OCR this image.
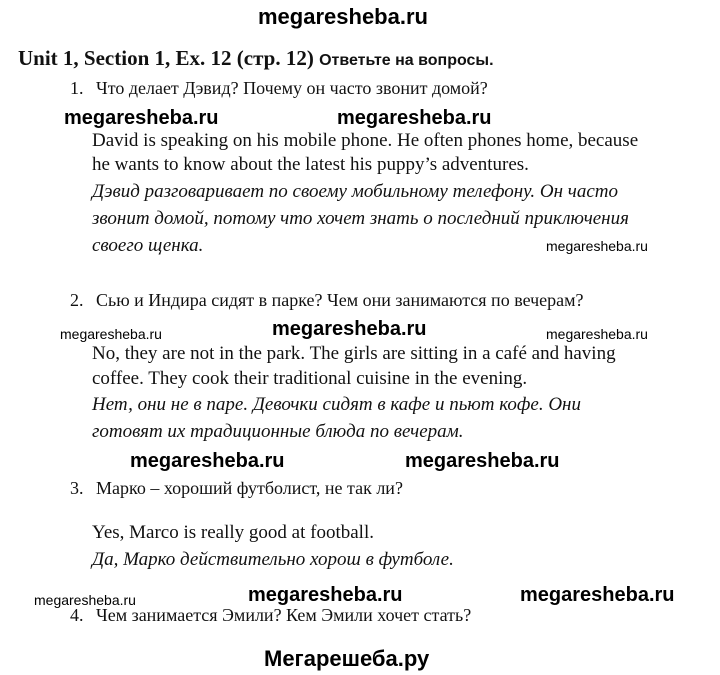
megaresheba.ru
Unit 1, Section 1, Ex. 12 (стр. 12) Ответьте на вопросы.
1. Что делает Дэвид? Почему он часто звонит домой?
megaresheba.ru	megaresheba.ru
David is speaking on his mobile phone. He often phones home, because
he wants to know about the latest his puppy’s adventures.
Дэвид разговаривает по своему мобильному телефону. Он часто
звонит домой, потому что хочет знать о последний приключения
своего щенка.	megaresheba.ru
2. Сью и Индира сидят в парке? Чем они занимаются по вечерам?
megaresheba.ru	megaresheba.ru	megaresheba.ru
No, they are not in the park. The girls are sitting in a café and having
coffee. They cook their traditional cuisine in the evening.
Нет, они не в паре. Девочки сидят в кафе и пьют кофе. Они
готовят их традиционные блюда по вечерам.
megaresheba.ru	megaresheba.ru
3. Марко – хороший футболист, не так ли?
Yes, Marco is really good at football.
Да, Марко действительно хорош в футболе.
megaresheba.ru	megaresheba.ru	megaresheba.ru
4. Чем занимается Эмили? Кем Эмили хочет стать?
Мегарешеба.ру
